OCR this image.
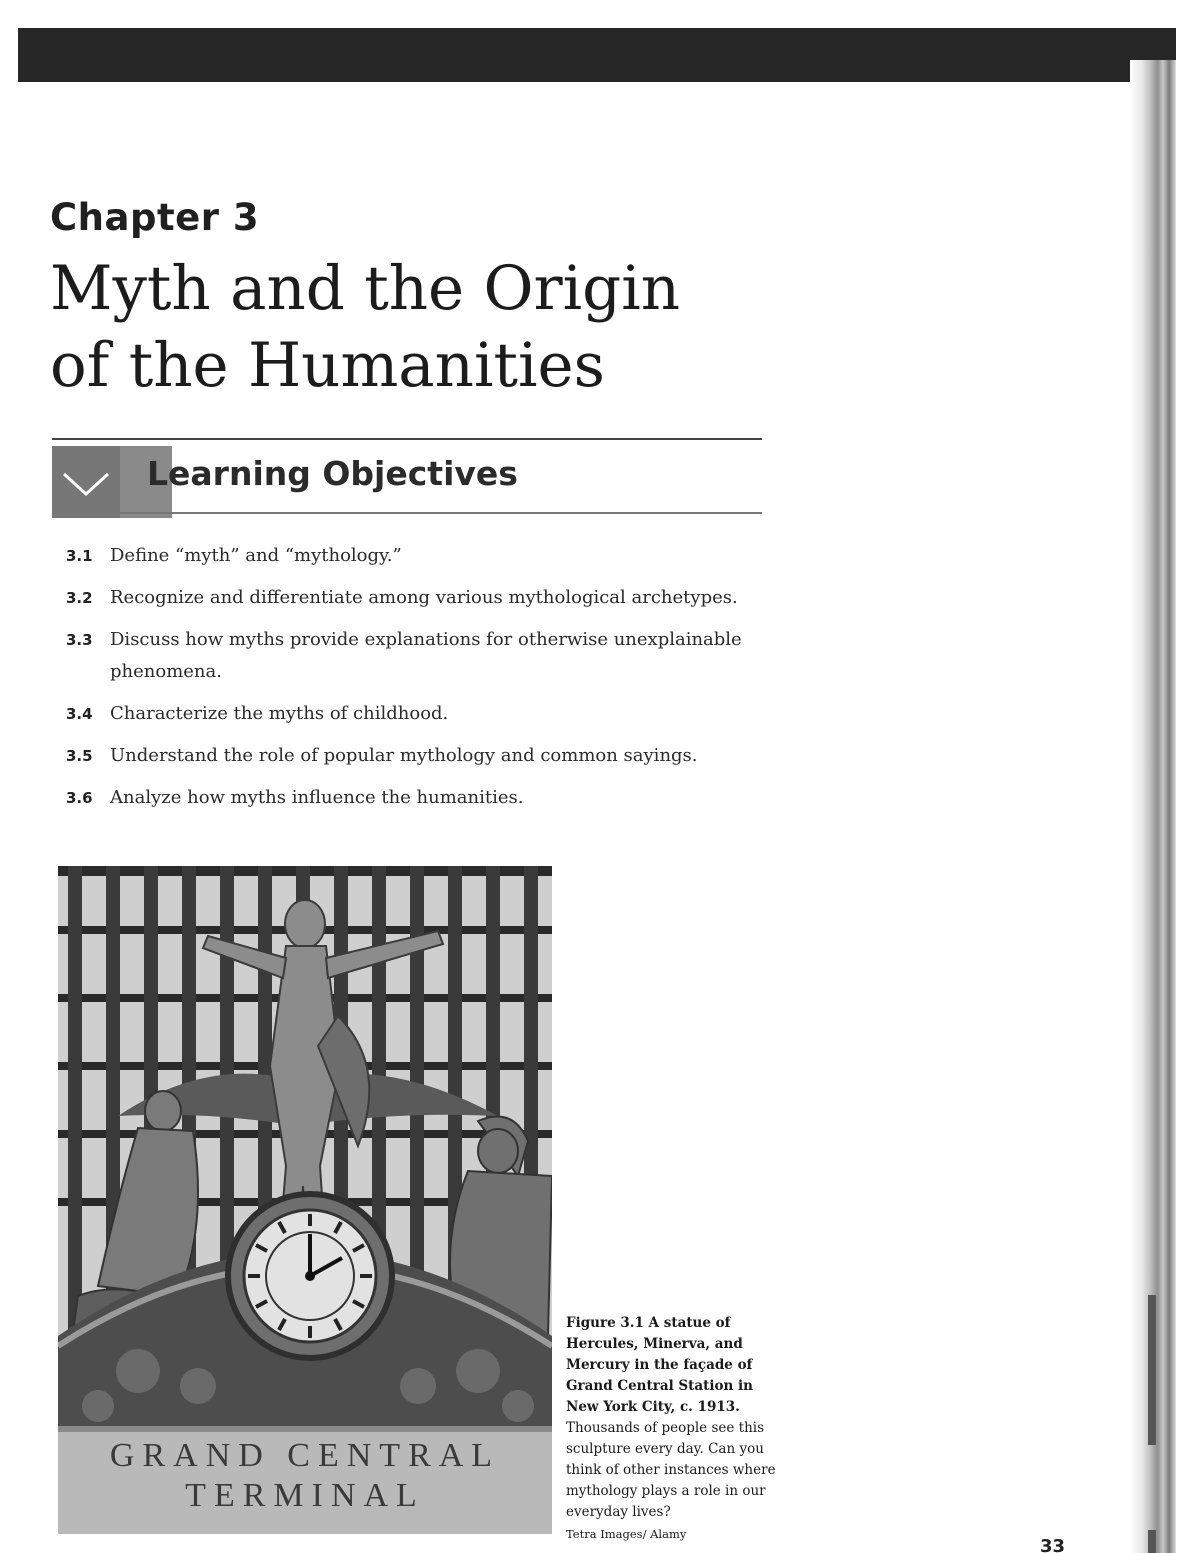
Chapter 3
Myth and the Origin
of the Humanities
Learning Objectives
3.1 Define “myth” and “mythology.”
3.2 Recognize and differentiate among various mythological archetypes.
3.3 Discuss how myths provide explanations for otherwise unexplainable phenomena.
3.4 Characterize the myths of childhood.
3.5 Understand the role of popular mythology and common sayings.
3.6 Analyze how myths influence the humanities.
GRAND CENTRAL
TERMINAL
Figure 3.1 A statue of Hercules, Minerva, and Mercury in the façade of Grand Central Station in New York City, c. 1913. Thousands of people see this sculpture every day. Can you think of other instances where mythology plays a role in our everyday lives?
Tetra Images/ Alamy
33
